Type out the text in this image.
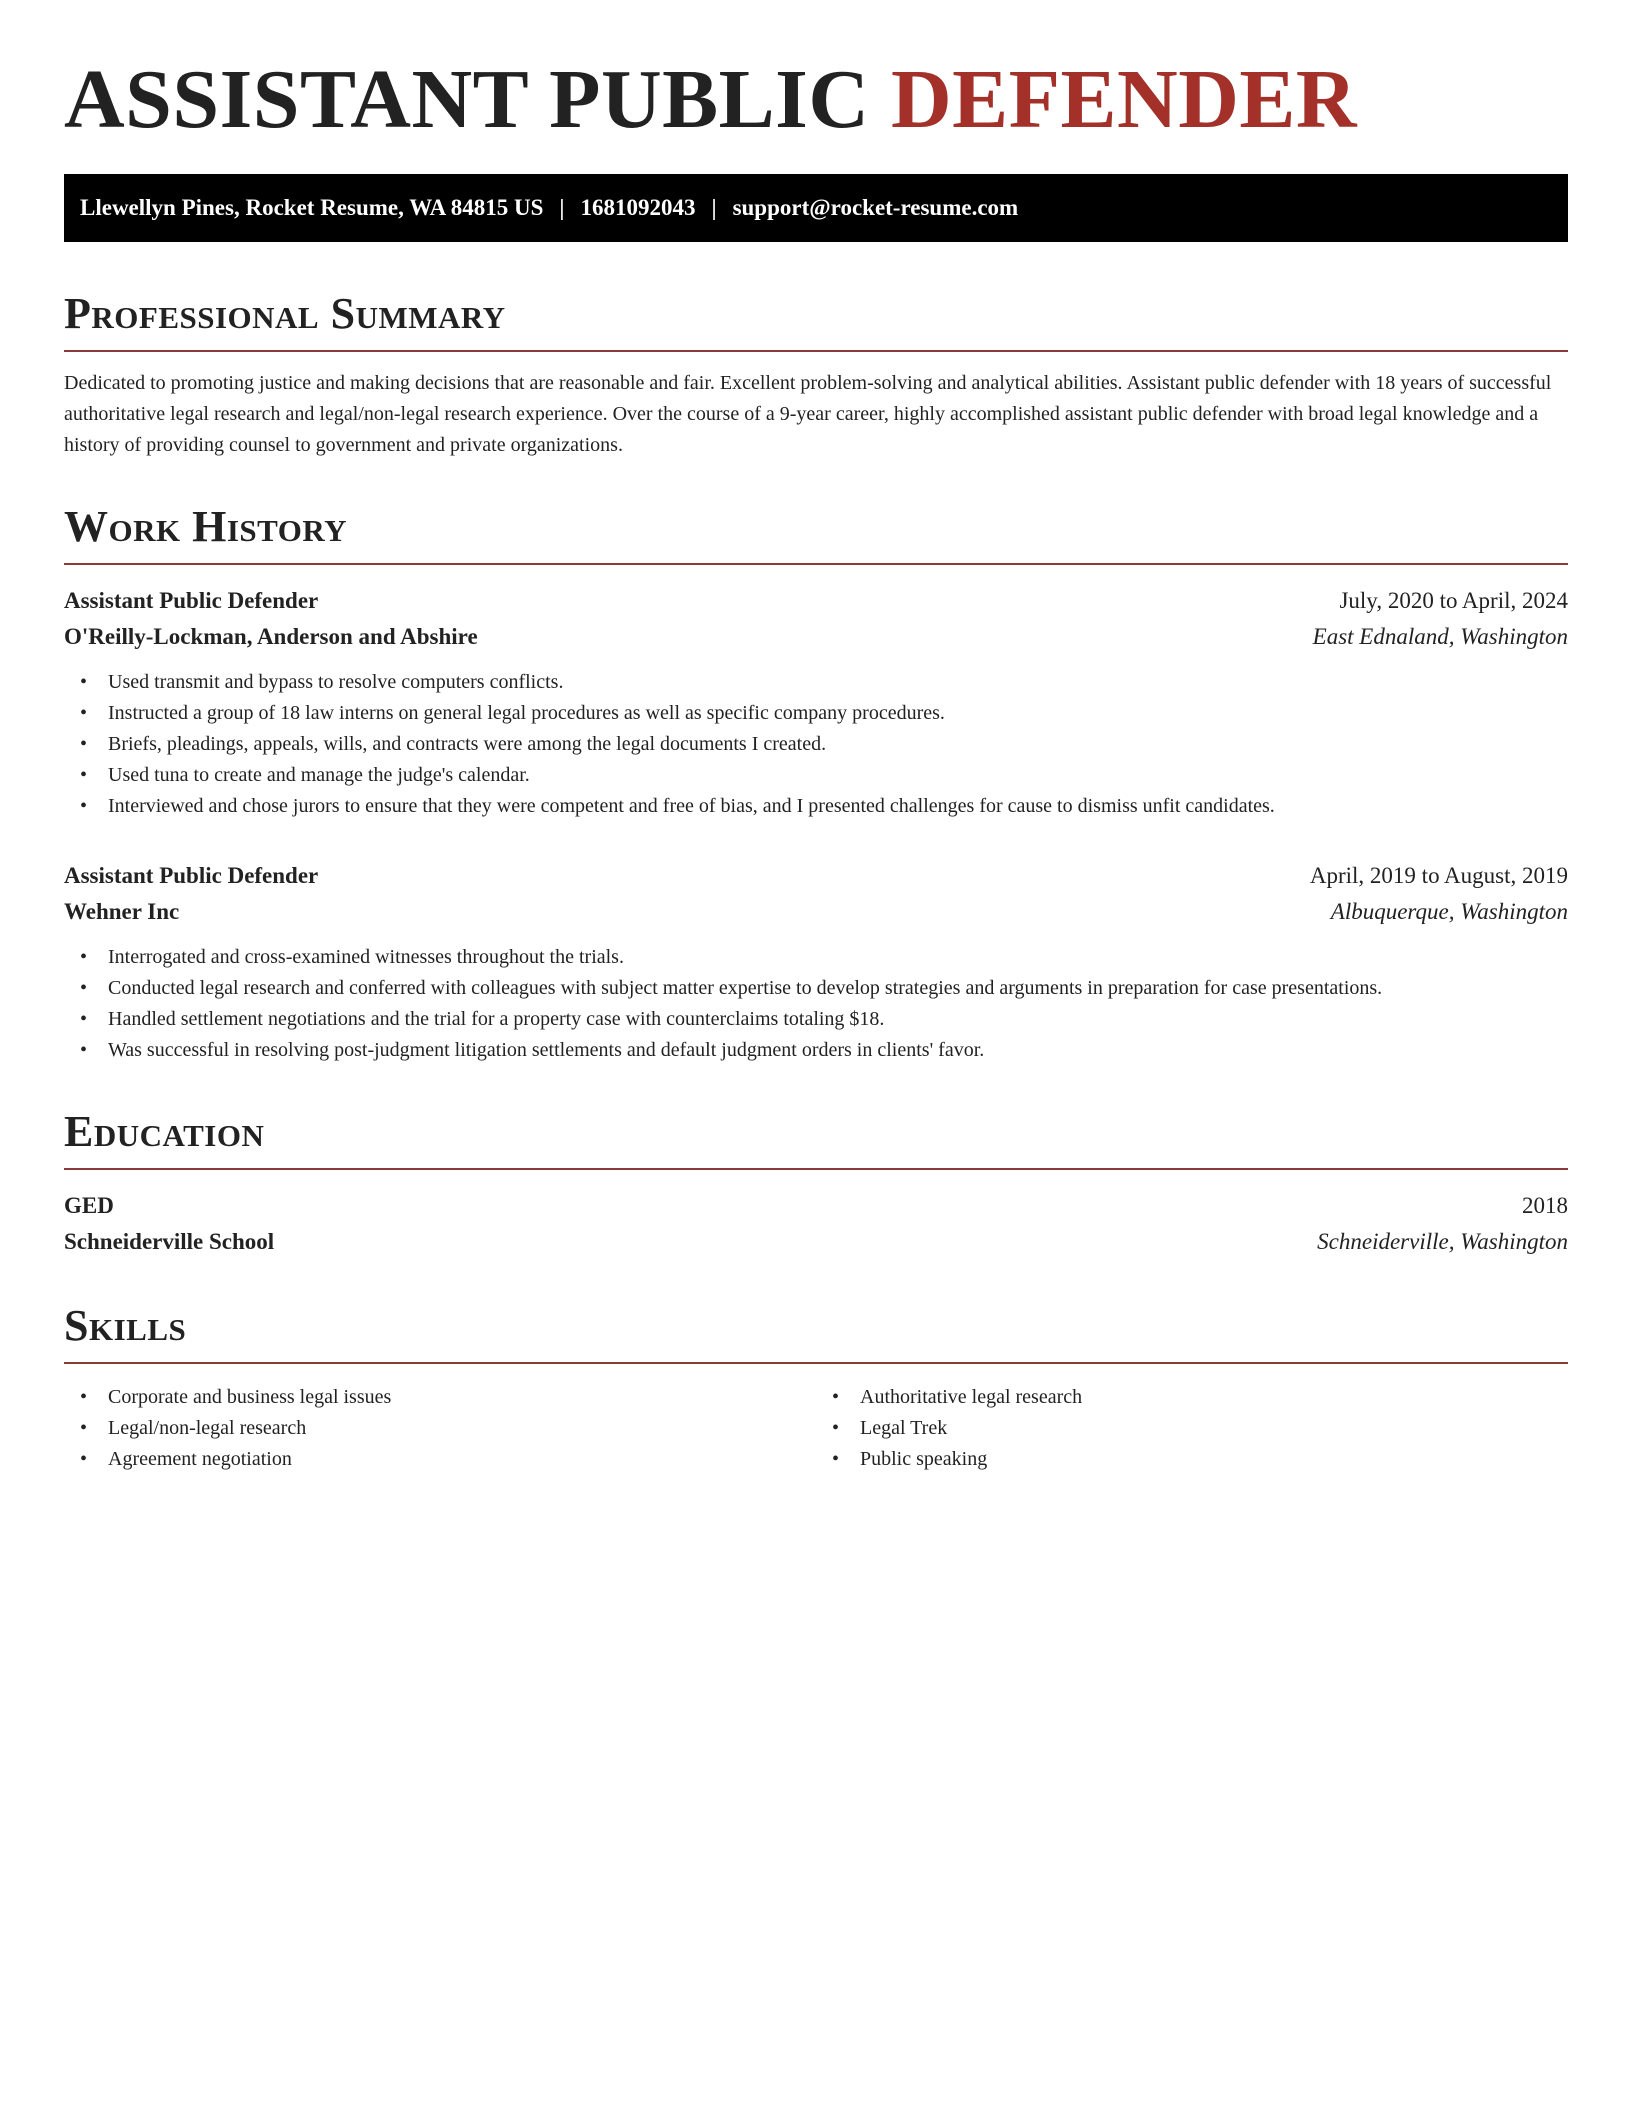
ASSISTANT PUBLIC DEFENDER
Llewellyn Pines, Rocket Resume, WA 84815 US | 1681092043 | support@rocket-resume.com
Professional Summary

Dedicated to promoting justice and making decisions that are reasonable and fair. Excellent problem-solving and analytical abilities. Assistant public defender with 18 years of successful authoritative legal research and legal/non-legal research experience. Over the course of a 9-year career, highly accomplished assistant public defender with broad legal knowledge and a history of providing counsel to government and private organizations.

Work History
Assistant Public Defender	July, 2020 to April, 2024
O'Reilly-Lockman, Anderson and Abshire	East Ednaland, Washington
• Used transmit and bypass to resolve computers conflicts.
• Instructed a group of 18 law interns on general legal procedures as well as specific company procedures.
• Briefs, pleadings, appeals, wills, and contracts were among the legal documents I created.
• Used tuna to create and manage the judge's calendar.
• Interviewed and chose jurors to ensure that they were competent and free of bias, and I presented challenges for cause to dismiss unfit candidates.
Assistant Public Defender	April, 2019 to August, 2019
Wehner Inc	Albuquerque, Washington
• Interrogated and cross-examined witnesses throughout the trials.
• Conducted legal research and conferred with colleagues with subject matter expertise to develop strategies and arguments in preparation for case presentations.
• Handled settlement negotiations and the trial for a property case with counterclaims totaling $18.
• Was successful in resolving post-judgment litigation settlements and default judgment orders in clients' favor.
Education
GED	2018
Schneiderville School	Schneiderville, Washington
Skills
• Corporate and business legal issues
• Legal/non-legal research
• Agreement negotiation
• Authoritative legal research
• Legal Trek
• Public speaking
